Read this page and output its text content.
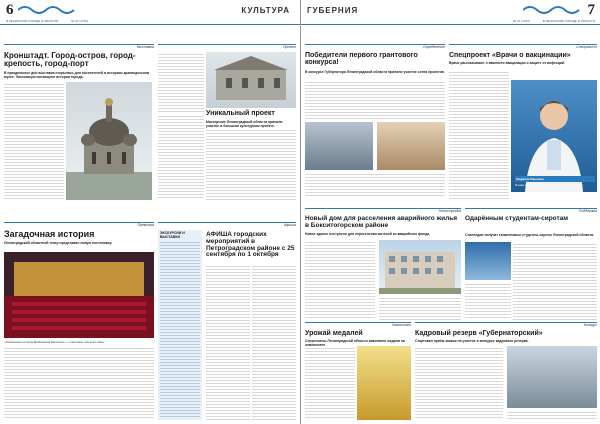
6	КУЛЬТУРА
В ЛЕНИНСКИЕ ГОРОДЕ И ОБЛАСТИ	№ 37 (4753)
Выставка
Кронштадт. Город-остров, город-крепость, город-порт
В праздничные дни выставка открылась для посетителей в историко-краеведческом музее. Экспозиция посвящена истории города.
Проект
Уникальный проект
Мастерские Ленинградской области приняли участие в большом культурном проекте.
Премьера
Загадочная история
Ленинградский областной театр представил новую постановку.
«Загадочная история Бенджамина Баттона» — спектакль для всей семьи
Афиша
ЭКСКУРСИИ И ВЫСТАВКИ	АФИША городских мероприятий в Петроградском районе с 25 сентября по 1 октября
ГУБЕРНИЯ	7
№ 37 (4753)	В ЛЕНИНСКИЕ ГОРОДЕ И ОБЛАСТИ
Определение
Победители первого грантового конкурса!
В конкурсе Губернатора Ленинградской области приняли участие сотни проектов.
Специалист
Спецпроект «Врачи о вакцинации»
Врачи рассказывают о важности вакцинации и защите от инфекций.
Людмила Тимонина
Я знаю по своим пациентам, которые переболели...
Новостройка
Новый дом для расселения аварийного жилья в Бокситогорском районе
Новое здание построено для переселения жителей из аварийного фонда.
Поддержка
Одарённым студентам-сиротам
Стипендии получат талантливые студенты-сироты Ленинградской области.
Чемпионат
Урожай медалей
Спортсмены Ленинградской области завоевали медали на
Конкурс
Кадровый резерв «Губернаторский»
Стартовал приём заявок на участие в конкурсе кадрового резерва.
